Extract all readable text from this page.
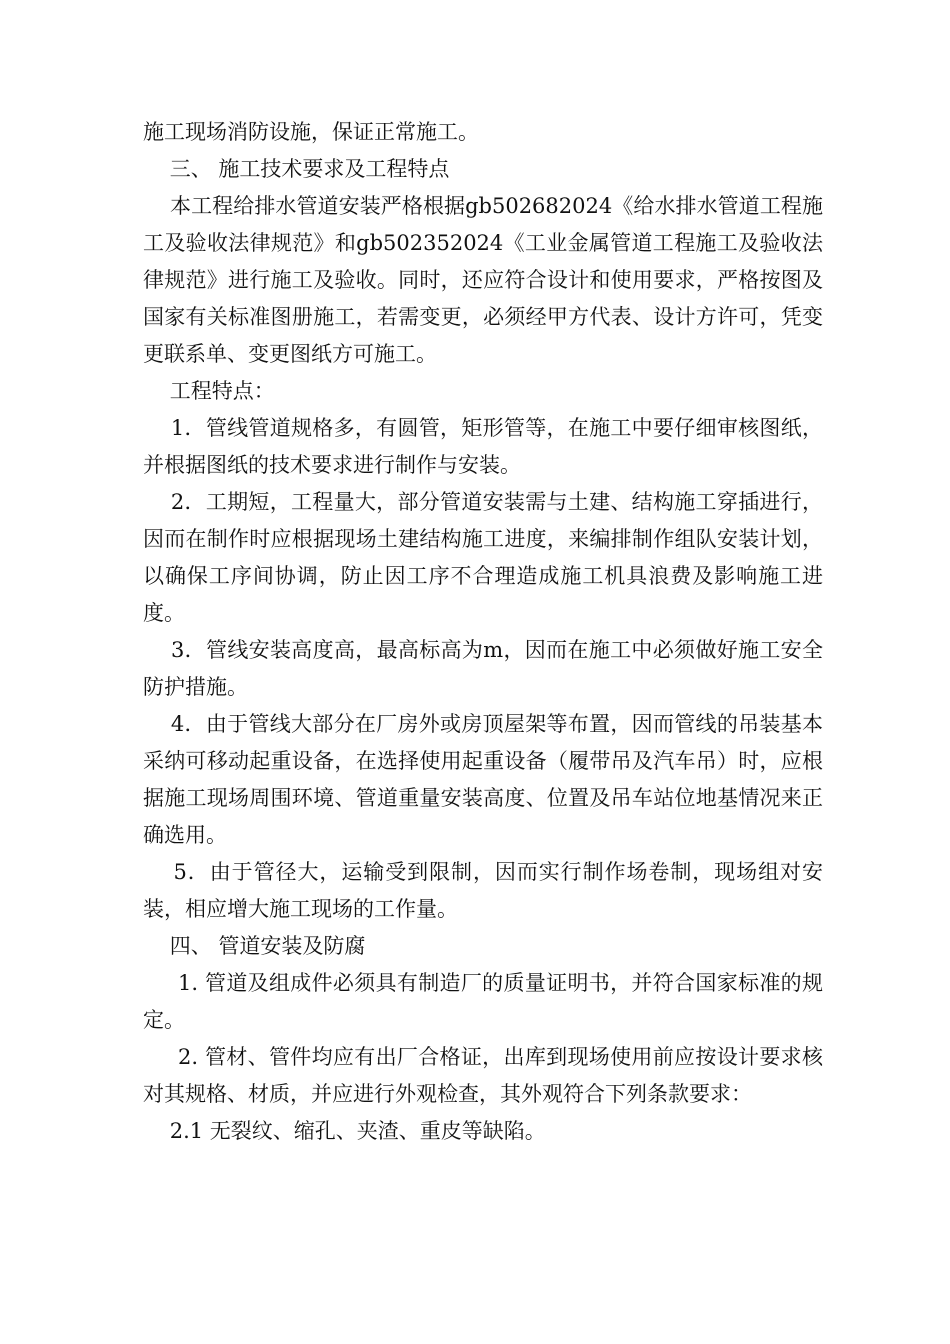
施工现场消防设施，保证正常施工。

三、 施工技术要求及工程特点

本工程给排水管道安装严格根据gb502682024《给水排水管道工程施工及验收法律规范》和gb502352024《工业金属管道工程施工及验收法律规范》进行施工及验收。同时，还应符合设计和使用要求，严格按图及国家有关标准图册施工，若需变更，必须经甲方代表、设计方许可，凭变更联系单、变更图纸方可施工。

工程特点：

1．管线管道规格多，有圆管，矩形管等，在施工中要仔细审核图纸，并根据图纸的技术要求进行制作与安装。

2．工期短，工程量大，部分管道安装需与土建、结构施工穿插进行，因而在制作时应根据现场土建结构施工进度，来编排制作组队安装计划，以确保工序间协调，防止因工序不合理造成施工机具浪费及影响施工进度。

3．管线安装高度高，最高标高为m，因而在施工中必须做好施工安全防护措施。

4．由于管线大部分在厂房外或房顶屋架等布置，因而管线的吊装基本采纳可移动起重设备，在选择使用起重设备（履带吊及汽车吊）时，应根据施工现场周围环境、管道重量安装高度、位置及吊车站位地基情况来正确选用。

5．由于管径大，运输受到限制，因而实行制作场卷制，现场组对安装，相应增大施工现场的工作量。

四、 管道安装及防腐

1. 管道及组成件必须具有制造厂的质量证明书，并符合国家标准的规定。

2. 管材、管件均应有出厂合格证，出库到现场使用前应按设计要求核对其规格、材质，并应进行外观检查，其外观符合下列条款要求：

2.1 无裂纹、缩孔、夹渣、重皮等缺陷。
